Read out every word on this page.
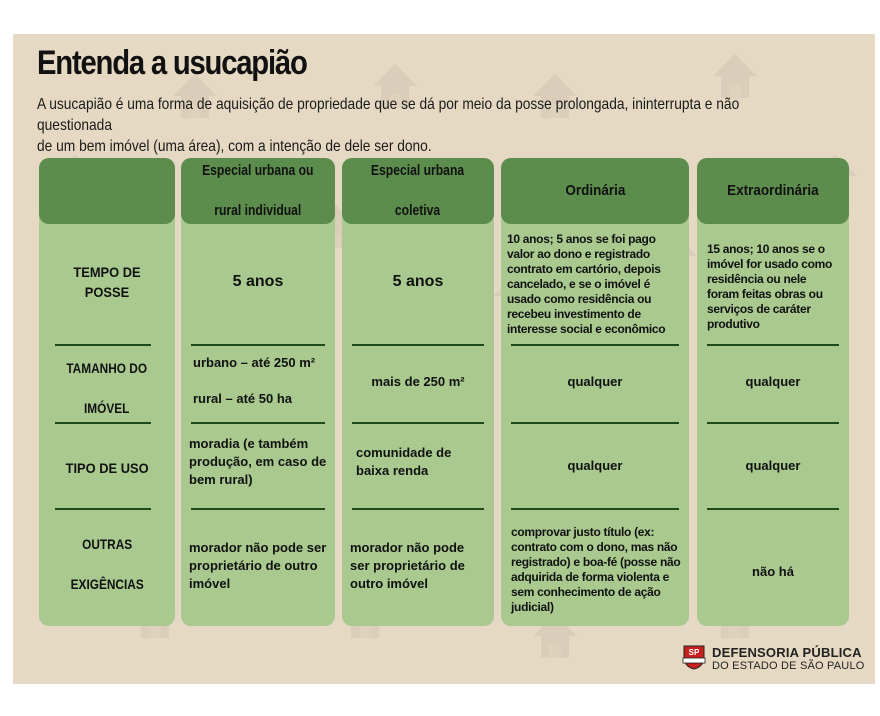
Entenda a usucapião

A usucapião é uma forma de aquisição de propriedade que se dá por meio da posse prolongada, ininterrupta e não questionada
de um bem imóvel (uma área), com a intenção de dele ser dono.

TEMPO DE POSSE
TAMANHO DO

IMÓVEL
TIPO DE USO
OUTRAS

EXIGÊNCIAS
Especial urbana ou

rural individual
5 anos
urbano – até 250 m²

rural – até 50 ha
moradia (e também produção, em caso de bem rural)
morador não pode ser proprietário de outro imóvel
Especial urbana

coletiva
5 anos
mais de 250 m²
comunidade de baixa renda
morador não pode ser proprietário de outro imóvel
Ordinária
10 anos; 5 anos se foi pago valor ao dono e registrado contrato em cartório, depois cancelado, e se o imóvel é usado como residência ou recebeu investimento de interesse social e econômico
qualquer
qualquer
comprovar justo título (ex: contrato com o dono, mas não registrado) e boa-fé (posse não adquirida de forma violenta e sem conhecimento de ação judicial)
Extraordinária
15 anos; 10 anos se o imóvel for usado como residência ou nele foram feitas obras ou serviços de caráter produtivo
qualquer
qualquer
não há
SP DEFENSORIA PÚBLICA
DO ESTADO DE SÃO PAULO
